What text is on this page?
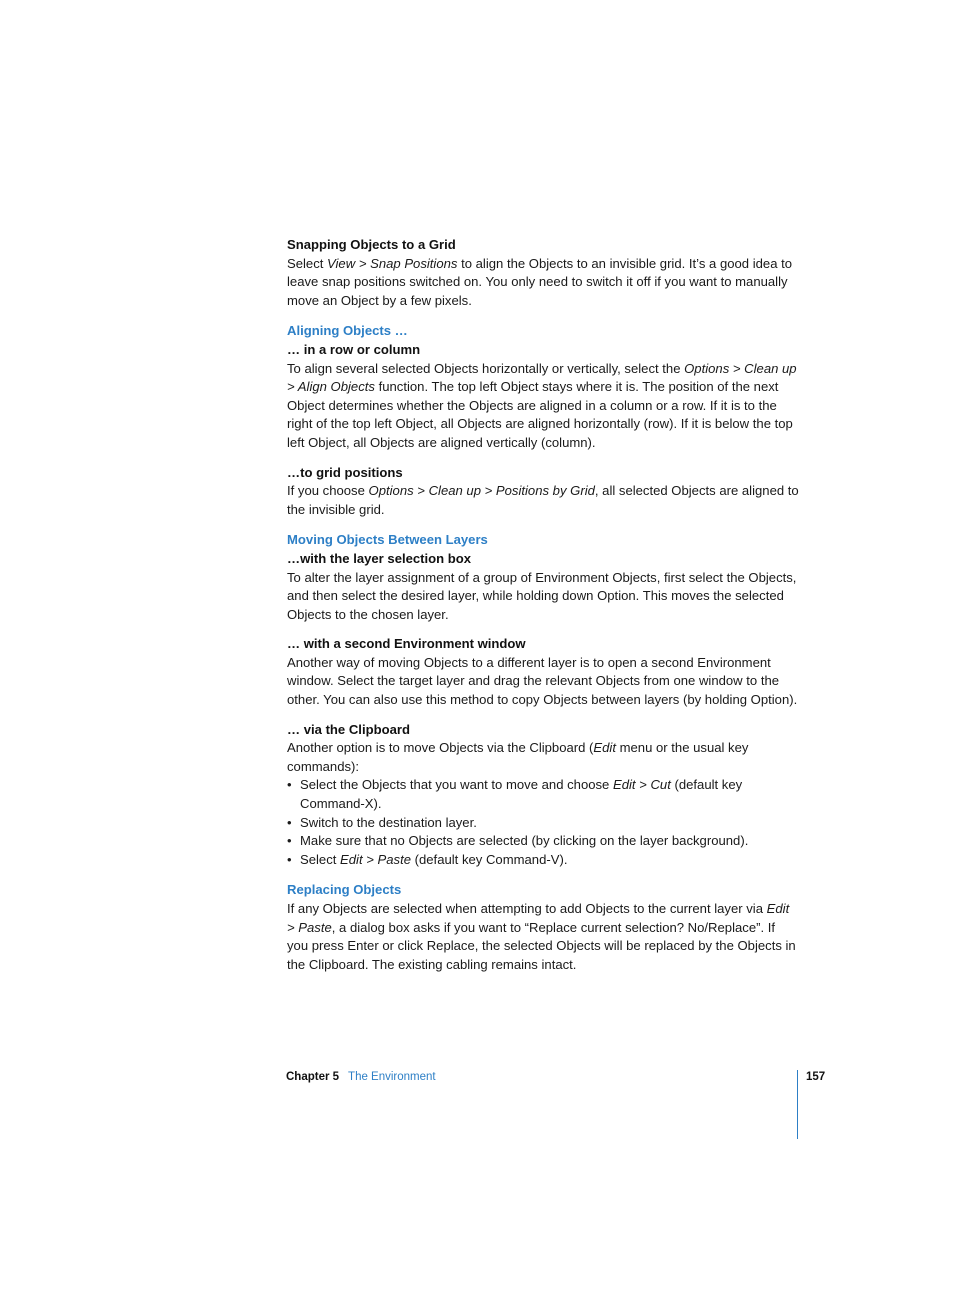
Snapping Objects to a Grid

Select View > Snap Positions to align the Objects to an invisible grid. It’s a good idea to leave snap positions switched on. You only need to switch it off if you want to manually move an Object by a few pixels.

Aligning Objects …

… in a row or column

To align several selected Objects horizontally or vertically, select the Options > Clean up > Align Objects function. The top left Object stays where it is. The position of the next Object determines whether the Objects are aligned in a column or a row. If it is to the right of the top left Object, all Objects are aligned horizontally (row). If it is below the top left Object, all Objects are aligned vertically (column).

…to grid positions

If you choose Options > Clean up > Positions by Grid, all selected Objects are aligned to the invisible grid.

Moving Objects Between Layers

…with the layer selection box

To alter the layer assignment of a group of Environment Objects, first select the Objects, and then select the desired layer, while holding down Option. This moves the selected Objects to the chosen layer.

… with a second Environment window

Another way of moving Objects to a different layer is to open a second Environment window. Select the target layer and drag the relevant Objects from one window to the other. You can also use this method to copy Objects between layers (by holding Option).

… via the Clipboard

Another option is to move Objects via the Clipboard (Edit menu or the usual key commands):

• Select the Objects that you want to move and choose Edit > Cut (default key Command-X).
• Switch to the destination layer.
• Make sure that no Objects are selected (by clicking on the layer background).
• Select Edit > Paste (default key Command-V).

Replacing Objects

If any Objects are selected when attempting to add Objects to the current layer via Edit > Paste, a dialog box asks if you want to “Replace current selection? No/Replace”. If you press Enter or click Replace, the selected Objects will be replaced by the Objects in the Clipboard. The existing cabling remains intact.

Chapter 5 The Environment	157
